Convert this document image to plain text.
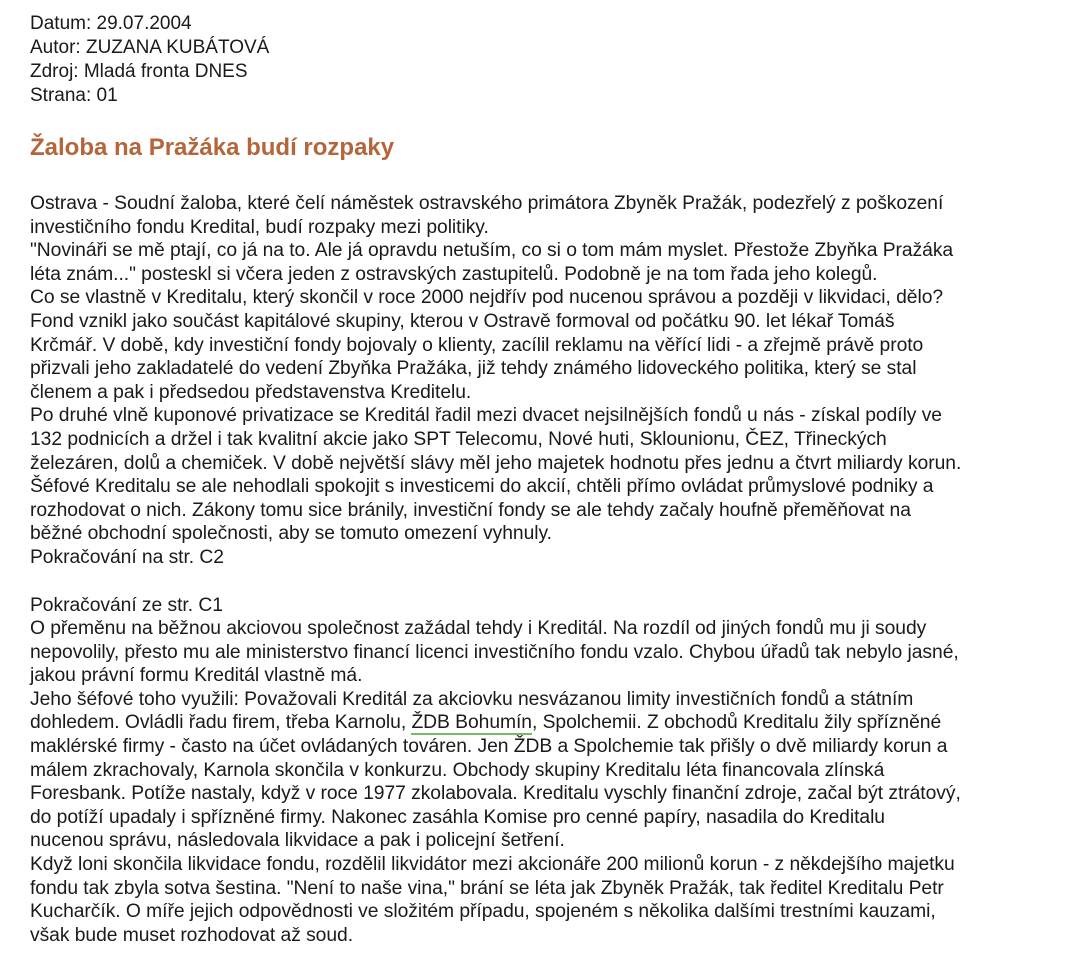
Datum: 29.07.2004
Autor: ZUZANA KUBÁTOVÁ
Zdroj: Mladá fronta DNES
Strana: 01
Žaloba na Pražáka budí rozpaky
Ostrava - Soudní žaloba, které čelí náměstek ostravského primátora Zbyněk Pražák, podezřelý z poškození
investičního fondu Kredital, budí rozpaky mezi politiky.
"Novináři se mě ptají, co já na to. Ale já opravdu netuším, co si o tom mám myslet. Přestože Zbyňka Pražáka
léta znám..." posteskl si včera jeden z ostravských zastupitelů. Podobně je na tom řada jeho kolegů.
Co se vlastně v Kreditalu, který skončil v roce 2000 nejdřív pod nucenou správou a později v likvidaci, dělo?
Fond vznikl jako součást kapitálové skupiny, kterou v Ostravě formoval od počátku 90. let lékař Tomáš
Krčmář. V době, kdy investiční fondy bojovaly o klienty, zacílil reklamu na věřící lidi - a zřejmě právě proto
přizvali jeho zakladatelé do vedení Zbyňka Pražáka, již tehdy známého lidoveckého politika, který se stal
členem a pak i předsedou představenstva Kreditelu.
Po druhé vlně kuponové privatizace se Kreditál řadil mezi dvacet nejsilnějších fondů u nás - získal podíly ve
132 podnicích a držel i tak kvalitní akcie jako SPT Telecomu, Nové huti, Sklounionu, ČEZ, Třineckých
železáren, dolů a chemiček. V době největší slávy měl jeho majetek hodnotu přes jednu a čtvrt miliardy korun.
Šéfové Kreditalu se ale nehodlali spokojit s investicemi do akcií, chtěli přímo ovládat průmyslové podniky a
rozhodovat o nich. Zákony tomu sice bránily, investiční fondy se ale tehdy začaly houfně přeměňovat na
běžné obchodní společnosti, aby se tomuto omezení vyhnuly.
Pokračování na str. C2
Pokračování ze str. C1
O přeměnu na běžnou akciovou společnost zažádal tehdy i Kreditál. Na rozdíl od jiných fondů mu ji soudy
nepovolily, přesto mu ale ministerstvo financí licenci investičního fondu vzalo. Chybou úřadů tak nebylo jasné,
jakou právní formu Kreditál vlastně má.
Jeho šéfové toho využili: Považovali Kreditál za akciovku nesvázanou limity investičních fondů a státním
dohledem. Ovládli řadu firem, třeba Karnolu, ŽDB Bohumín, Spolchemii. Z obchodů Kreditalu žily spřízněné
maklérské firmy - často na účet ovládaných továren. Jen ŽDB a Spolchemie tak přišly o dvě miliardy korun a
málem zkrachovaly, Karnola skončila v konkurzu. Obchody skupiny Kreditalu léta financovala zlínská
Foresbank. Potíže nastaly, když v roce 1977 zkolabovala. Kreditalu vyschly finanční zdroje, začal být ztrátový,
do potíží upadaly i spřízněné firmy. Nakonec zasáhla Komise pro cenné papíry, nasadila do Kreditalu
nucenou správu, následovala likvidace a pak i policejní šetření.
Když loni skončila likvidace fondu, rozdělil likvidátor mezi akcionáře 200 milionů korun - z někdejšího majetku
fondu tak zbyla sotva šestina. "Není to naše vina," brání se léta jak Zbyněk Pražák, tak ředitel Kreditalu Petr
Kucharčík. O míře jejich odpovědnosti ve složitém případu, spojeném s několika dalšími trestními kauzami,
však bude muset rozhodovat až soud.
